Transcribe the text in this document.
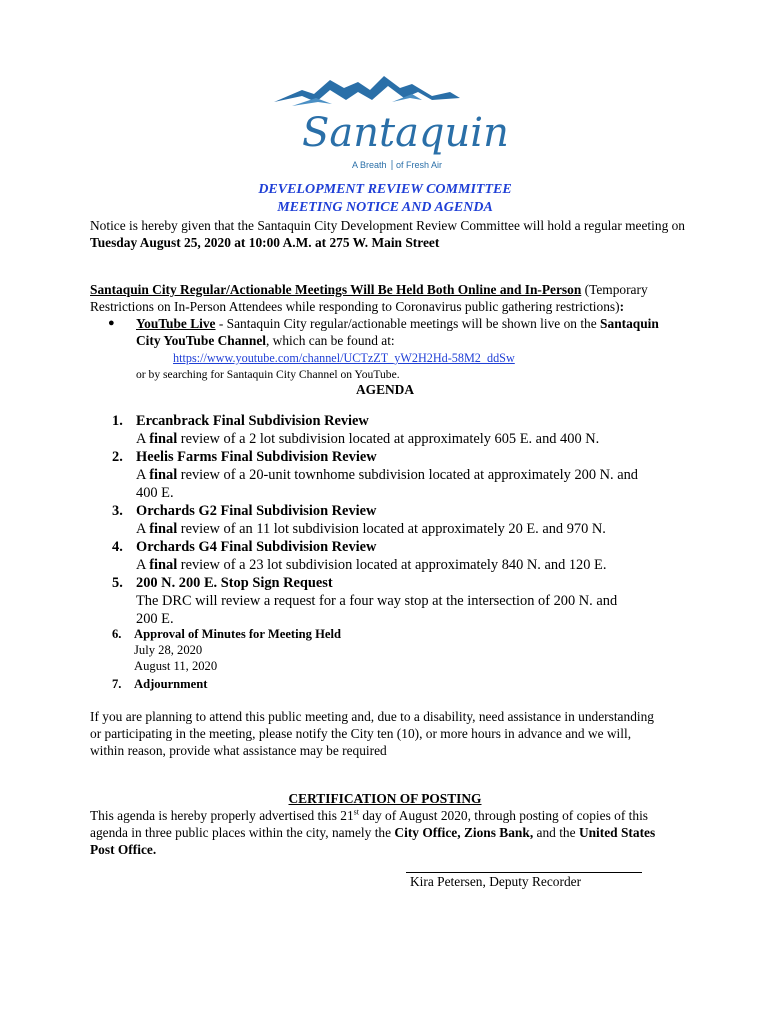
Santaquin
A Breath of Fresh Air
DEVELOPMENT REVIEW COMMITTEE
MEETING NOTICE AND AGENDA
Notice is hereby given that the Santaquin City Development Review Committee will hold a regular meeting on Tuesday August 25, 2020 at 10:00 A.M. at 275 W. Main Street
Santaquin City Regular/Actionable Meetings Will Be Held Both Online and In-Person (Temporary
Restrictions on In-Person Attendees while responding to Coronavirus public gathering restrictions):
● YouTube Live - Santaquin City regular/actionable meetings will be shown live on the Santaquin
City YouTube Channel, which can be found at:
https://www.youtube.com/channel/UCTzZT_yW2H2Hd-58M2_ddSw
or by searching for Santaquin City Channel on YouTube.
AGENDA
1. Ercanbrack Final Subdivision Review
A final review of a 2 lot subdivision located at approximately 605 E. and 400 N.
2. Heelis Farms Final Subdivision Review
A final review of a 20-unit townhome subdivision located at approximately 200 N. and
400 E.
3. Orchards G2 Final Subdivision Review
A final review of an 11 lot subdivision located at approximately 20 E. and 970 N.
4. Orchards G4 Final Subdivision Review
A final review of a 23 lot subdivision located at approximately 840 N. and 120 E.
5. 200 N. 200 E. Stop Sign Request
The DRC will review a request for a four way stop at the intersection of 200 N. and
200 E.
6. Approval of Minutes for Meeting Held
July 28, 2020
August 11, 2020
7. Adjournment
If you are planning to attend this public meeting and, due to a disability, need assistance in understanding
or participating in the meeting, please notify the City ten (10), or more hours in advance and we will,
within reason, provide what assistance may be required
CERTIFICATION OF POSTING
This agenda is hereby properly advertised this 21st day of August 2020, through posting of copies of this
agenda in three public places within the city, namely the City Office, Zions Bank, and the United States
Post Office.
Kira Petersen, Deputy Recorder
